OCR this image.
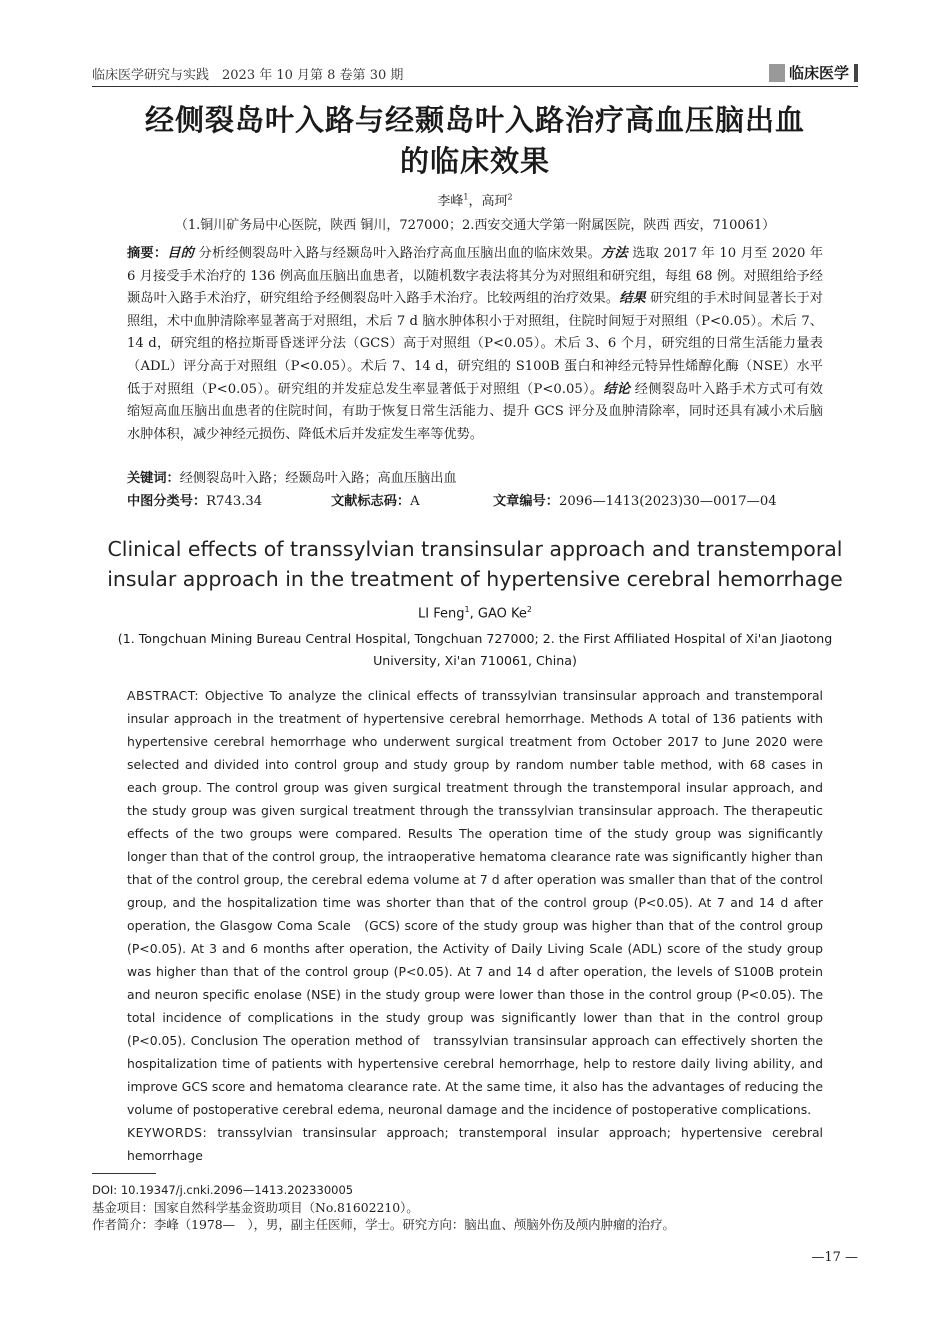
临床医学研究与实践　2023 年 10 月第 8 卷第 30 期	临床医学
经侧裂岛叶入路与经颞岛叶入路治疗高血压脑出血
的临床效果
李峰$^1$，高珂$^2$
（1.铜川矿务局中心医院，陕西 铜川，727000；2.西安交通大学第一附属医院，陕西 西安，710061）
摘要：目的 分析经侧裂岛叶入路与经颞岛叶入路治疗高血压脑出血的临床效果。方法 选取 2017 年 10 月至 2020 年 6 月接受手术治疗的 136 例高血压脑出血患者，以随机数字表法将其分为对照组和研究组，每组 68 例。对照组给予经颞岛叶入路手术治疗，研究组给予经侧裂岛叶入路手术治疗。比较两组的治疗效果。结果 研究组的手术时间显著长于对照组，术中血肿清除率显著高于对照组，术后 7 d 脑水肿体积小于对照组，住院时间短于对照组（P<0.05）。术后 7、14 d，研究组的格拉斯哥昏迷评分法（GCS）高于对照组（P<0.05）。术后 3、6 个月，研究组的日常生活能力量表（ADL）评分高于对照组（P<0.05）。术后 7、14 d，研究组的 S100B 蛋白和神经元特异性烯醇化酶（NSE）水平低于对照组（P<0.05）。研究组的并发症总发生率显著低于对照组（P<0.05）。结论 经侧裂岛叶入路手术方式可有效缩短高血压脑出血患者的住院时间，有助于恢复日常生活能力、提升 GCS 评分及血肿清除率，同时还具有减小术后脑水肿体积，减少神经元损伤、降低术后并发症发生率等优势。
关键词：经侧裂岛叶入路；经颞岛叶入路；高血压脑出血
中图分类号：R743.34	文献标志码：A	文章编号：2096—1413(2023)30—0017—04
Clinical effects of transsylvian transinsular approach and transtemporal
insular approach in the treatment of hypertensive cerebral hemorrhage
LI Feng$^1$, GAO Ke$^2$
(1. Tongchuan Mining Bureau Central Hospital, Tongchuan 727000; 2. the First Affiliated Hospital of Xi'an Jiaotong University, Xi'an 710061, China)
ABSTRACT: Objective To analyze the clinical effects of transsylvian transinsular approach and transtemporal insular approach in the treatment of hypertensive cerebral hemorrhage. Methods A total of 136 patients with hypertensive cerebral hemorrhage who underwent surgical treatment from October 2017 to June 2020 were selected and divided into control group and study group by random number table method, with 68 cases in each group. The control group was given surgical treatment through the transtemporal insular approach, and the study group was given surgical treatment through the transsylvian transinsular approach. The therapeutic effects of the two groups were compared. Results The operation time of the study group was significantly longer than that of the control group, the intraoperative hematoma clearance rate was significantly higher than that of the control group, the cerebral edema volume at 7 d after operation was smaller than that of the control group, and the hospitalization time was shorter than that of the control group (P<0.05). At 7 and 14 d after operation, the Glasgow Coma Scale　(GCS) score of the study group was higher than that of the control group (P<0.05). At 3 and 6 months after operation, the Activity of Daily Living Scale (ADL) score of the study group was higher than that of the control group (P<0.05). At 7 and 14 d after operation, the levels of S100B protein and neuron specific enolase (NSE) in the study group were lower than those in the control group (P<0.05). The total incidence of complications in the study group was significantly lower than that in the control group (P<0.05). Conclusion The operation method of　transsylvian transinsular approach can effectively shorten the hospitalization time of patients with hypertensive cerebral hemorrhage, help to restore daily living ability, and improve GCS score and hematoma clearance rate. At the same time, it also has the advantages of reducing the volume of postoperative cerebral edema, neuronal damage and the incidence of postoperative complications.
KEYWORDS: transsylvian transinsular approach; transtemporal insular approach; hypertensive cerebral hemorrhage
DOI: 10.19347/j.cnki.2096—1413.202330005
基金项目：国家自然科学基金资助项目（No.81602210）。
作者简介：李峰（1978—　），男，副主任医师，学士。研究方向：脑出血、颅脑外伤及颅内肿瘤的治疗。
—17 —
